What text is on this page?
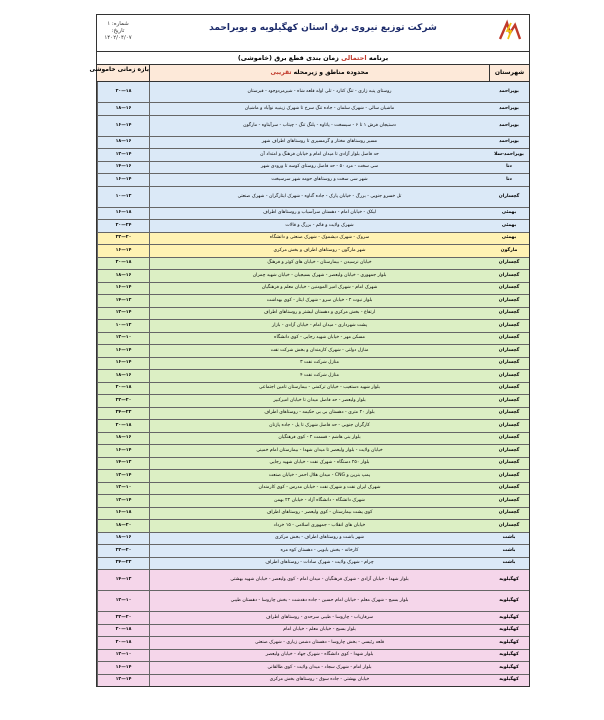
شماره: ۱
تاریخ: ۱۴۰۲/۰۴/۰۷
شرکت توزیع نیروی برق استان کهگیلویه و بویراحمد
برنامه احتمالی زمان بندی قطع برق (خاموشی)
بازه زمانی خاموشی	محدوده مناطق و زیرمحله تقریبی	شهرستان
۱۸—۲۰	روستای پنبه زاری - تنگ کنارد - تلی اوله قلعه شاه - شیرمردوجود - قبرستان	بویراحمد
۱۶—۱۸	ماشیان سالی - شهرک سلمان - جاده تنگ سرخ تا شهرک زینبیه نوآباد و ماشیان	بویراحمد
۱۴—۱۶	دستیجان فرش ۱ تا ۶ - سیسخت - پاتاوه - پلنگ تنگ - چیتاب - سرآبتاوه - مارگون	بویراحمد
۱۶—۱۸	مسیر روستاهای مختار و گرمسیری تا روستاهای اطراف شهر	بویراحمد
۱۴—۱۲	حد فاصل بلوار آزادی تا میدان امام و خیابان فرهنگ و امتداد آن	بویراحمد-سلا
۱۶—۱۴	سی سخت - مرد ۵۰ - حد فاصل روستای کوسه تا ورودی شهر	دنا
۱۴—۱۶	شهر سی سخت و روستاهای حومه شهر سرسیخت	دنا
۱۲—۱۰	تل خسرو جنوبی - بزرگ - خیابان پارک - جاده گناوه - شهرک ایثارگران - شهرک صنعتی	گچساران
۱۸—۱۶	لیکک - خیابان امام - دهستان سرآسیاب و روستاهای اطراف	بهمئی
۲۴—۲۰	شهرک ولایت و قائم - بزرگ و قالات	بهمئی
۲۰—۲۲	سروک - شهرک دیشموک - شهرک صنعتی و دانشگاه	بهمئی
۱۴—۱۶	شهر مارگون - روستاهای اطراف و بخش مرکزی	مارگون
۱۸—۲۰	خیابان نرسیدن - بیمارستان - خیابان های کوثر و فرهنگ	گچساران
۱۶—۱۸	بلوار جمهوری - خیابان ولیعصر - شهرک بسیجیان - خیابان شهید چمران	گچساران
۱۴—۱۶	شهرک امام - شهرک امیر المومنین - خیابان معلم و فرهنگیان	گچساران
۱۲—۱۴	بلوار نبوت ۲ - خیابان سرو - شهرک ایثار - کوی بهداشت	گچساران
۱۴—۱۲	ارتفاع - بخش مرکزی و دهستان لیشتر و روستاهای اطراف	گچساران
۱۲—۱۰	پشت شهرداری - میدان امام - خیابان آزادی - بازار	گچساران
۱۰—۱۲	مسکن مهر - خیابان شهید رجایی - کوی دانشگاه	گچساران
۱۴—۱۶	منازل دولتی - شهرک کارمندان و بخش شرکت نفت	گچساران
۱۴—۱۶	منازل شرکت نفت ۳	گچساران
۱۶—۱۸	منازل شرکت نفت ۴	گچساران
۱۸—۲۰	بلوار شهید دستغیب - خیابان ترکمنی - بیمارستان تامین اجتماعی	گچساران
۲۰—۲۲	بلوار ولیعصر - حد فاصل میدان تا خیابان امیرکبیر	گچساران
۲۲—۲۴	بلوار ۲۰ متری - دهستان بی بی حکیمه - روستاهای اطراف	گچساران
۱۸—۲۰	کارگران جنوبی - حد فاصل شهرک تا پل - جاده پازنان	گچساران
۱۶—۱۸	بلوار بنی هاشم - قسمت ۲ - کوی فرهنگیان	گچساران
۱۴—۱۶	خیابان ولایت - بلوار ولیعصر تا میدان شهدا - بیمارستان امام خمینی	گچساران
۱۲—۱۴	بلوار ۲۵۰ دستگاه - شهرک نفت - خیابان شهید رجایی	گچساران
۱۴—۱۲	پمپ بنزین و CNG - میدان هلال احمر - خیابان صنعت	گچساران
۱۰—۱۲	شهرک ایران نفت و شهرک نفت - خیابان مدرس - کوی کارمندان	گچساران
۱۴—۱۲	شهرک دانشگاه - دانشگاه آزاد - خیابان ۲۲ بهمن	گچساران
۱۸—۱۶	کوی پشت بیمارستان - کوی ولیعصر - روستاهای اطراف	گچساران
۲۰—۱۸	خیابان های انقلاب - جمهوری اسلامی - ۱۵ خرداد	گچساران
۱۶—۱۸	شهر باشت و روستاهای اطراف - بخش مرکزی	باشت
۲۰—۲۲	کارخانه - بخش بابویی - دهستان کوه مره	باشت
۲۲—۲۴	چرام - شهرک ولایت - شهرک سادات - روستاهای اطراف	باشت
۱۲—۱۴	بلوار شهدا - خیابان آزادی - شهرک فرهنگیان - میدان امام - کوی ولیعصر - خیابان شهید بهشتی	کهگیلویه
۱۰—۱۲	بلوار بسیج - شهرک معلم - خیابان امام حسین - جاده دهدشت - بخش چاروسا - دهستان طیبی	کهگیلویه
۲۰—۲۲	سرفاریاب - چاروسا - طیبی سرحدی - روستاهای اطراف	کهگیلویه
۱۸—۲۰	بلوار بسیج - خیابان معلم - خیابان امام	کهگیلویه
۱۸—۲۰	قلعه رئیسی - بخش چاروسا - دهستان دشمن زیاری - شهرک صنعتی	کهگیلویه
۱۰—۱۲	بلوار شهدا - کوی دانشگاه - شهرک جهاد - خیابان ولیعصر	کهگیلویه
۱۴—۱۶	بلوار امام - شهرک سجاد - میدان ولایت - کوی طالقانی	کهگیلویه
۱۴—۱۲	خیابان بهشتی - جاده سوق - روستاهای بخش مرکزی	کهگیلویه
